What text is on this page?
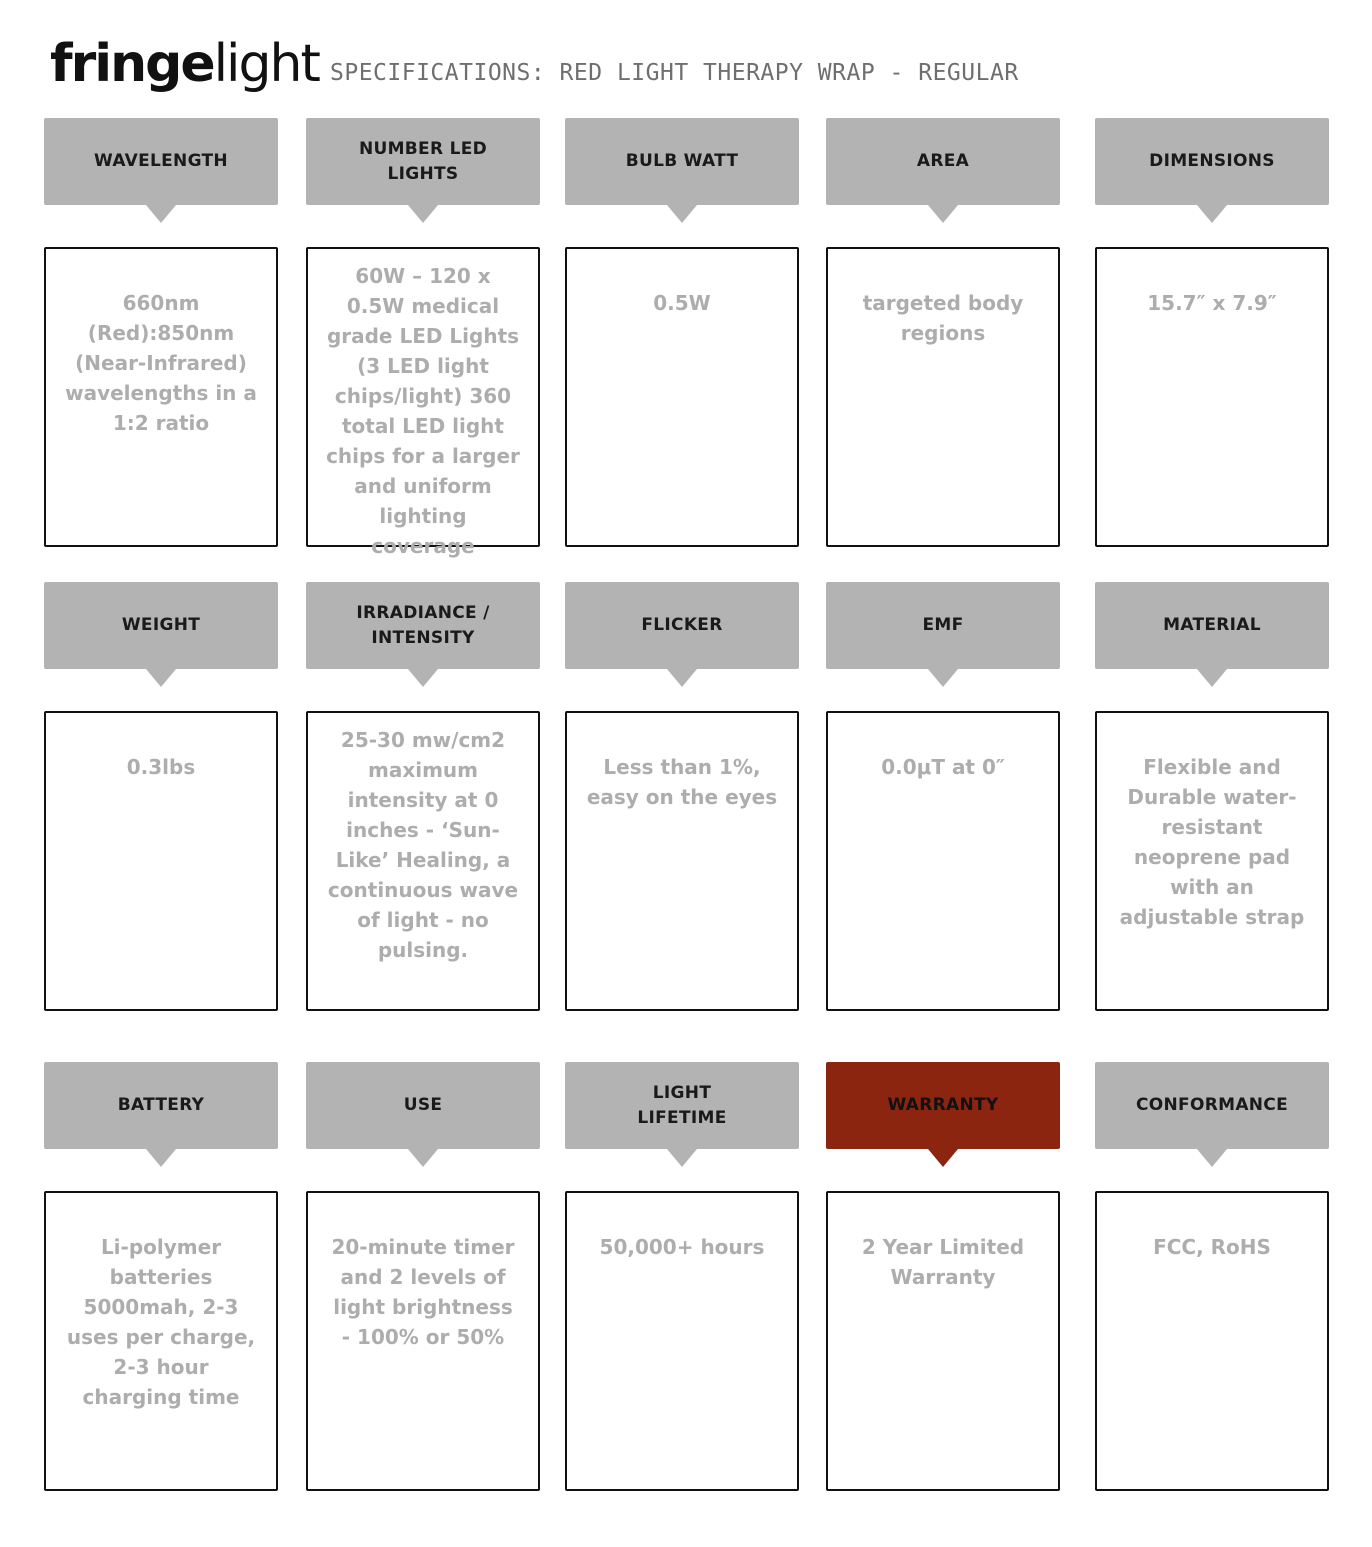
fringelight SPECIFICATIONS: RED LIGHT THERAPY WRAP - REGULAR
WAVELENGTH
660nm (Red):850nm (Near-Infrared) wavelengths in a 1:2 ratio
NUMBER LED LIGHTS
60W – 120 x 0.5W medical grade LED Lights (3 LED light chips/light) 360 total LED light chips for a larger and uniform lighting coverage
BULB WATT
0.5W
AREA
targeted body regions
DIMENSIONS
15.7″ x 7.9″
WEIGHT
0.3lbs
IRRADIANCE / INTENSITY
25-30 mw/cm2 maximum intensity at 0 inches - ‘Sun-Like’ Healing, a continuous wave of light - no pulsing.
FLICKER
Less than 1%, easy on the eyes
EMF
0.0μT at 0″
MATERIAL
Flexible and Durable water-resistant neoprene pad with an adjustable strap
BATTERY
Li-polymer batteries 5000mah, 2-3 uses per charge, 2-3 hour charging time
USE
20-minute timer and 2 levels of light brightness - 100% or 50%
LIGHT LIFETIME
50,000+ hours
WARRANTY
2 Year Limited Warranty
CONFORMANCE
FCC, RoHS
